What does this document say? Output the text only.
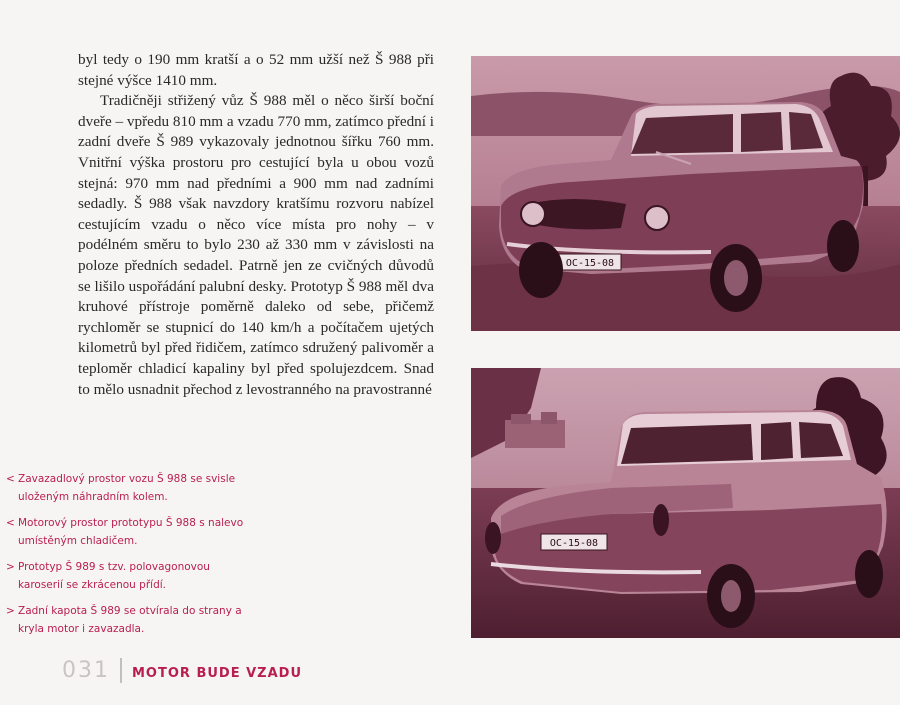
byl tedy o 190 mm kratší a o 52 mm užší než Š 988 při stejné výšce 1410 mm.

Tradičněji střižený vůz Š 988 měl o něco širší boční dveře – vpředu 810 mm a vzadu 770 mm, zatímco přední i zadní dveře Š 989 vykazovaly jednotnou šířku 760 mm. Vnitřní výška prostoru pro cestující byla u obou vozů stejná: 970 mm nad předními a 900 mm nad zadními sedadly. Š 988 však navzdory kratšímu rozvoru nabízel cestujícím vzadu o něco více místa pro nohy – v podélném směru to bylo 230 až 330 mm v závislosti na poloze předních sedadel. Patrně jen ze cvičných důvodů se lišilo uspořádání palubní desky. Prototyp Š 988 měl dva kruhové přístroje poměrně daleko od sebe, přičemž rychloměr se stupnicí do 140 km/h a počítačem ujetých kilometrů byl před řidičem, zatímco sdružený palivoměr a teploměr chladicí kapaliny byl před spolujezdcem. Snad to mělo usnadnit přechod z levostranného na pravostranné

< Zavazadlový prostor vozu Š 988 se svisle uloženým náhradním kolem.
< Motorový prostor prototypu Š 988 s nalevo umístěným chladičem.
> Prototyp Š 989 s tzv. polovagonovou karoserií se zkrácenou přídí.
> Zadní kapota Š 989 se otvírala do strany a kryla motor i zavazadla.
031	MOTOR BUDE VZADU
OC-15-08
OC-15-08
